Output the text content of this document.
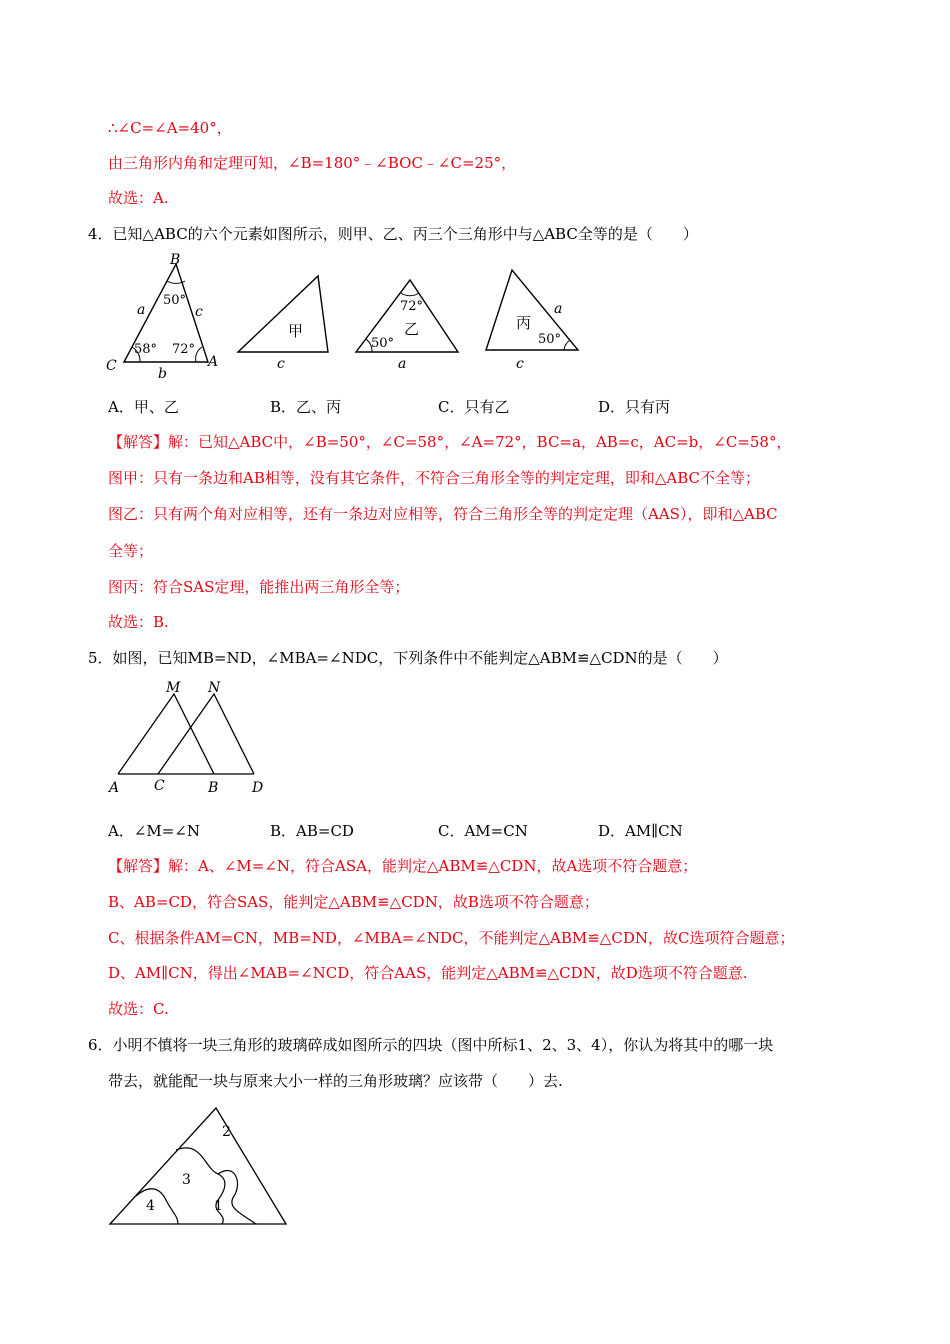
∴∠C=∠A=40°，
由三角形内角和定理可知，∠B=180°﹣∠BOC﹣∠C=25°，
故选：A.
4．已知△ABC的六个元素如图所示，则甲、乙、丙三个三角形中与△ABC全等的是（　　）
B
C	A
a	c
b
50°
58° 72°
甲
c
72°
50°
乙
a
丙
a
50°
c
A．甲、乙	B．乙、丙	C．只有乙	D．只有丙
【解答】解：已知△ABC中，∠B=50°，∠C=58°，∠A=72°，BC=a，AB=c，AC=b，∠C=58°，
图甲：只有一条边和AB相等，没有其它条件，不符合三角形全等的判定定理，即和△ABC不全等；
图乙：只有两个角对应相等，还有一条边对应相等，符合三角形全等的判定定理（AAS），即和△ABC
全等；
图丙：符合SAS定理，能推出两三角形全等；
故选：B.
5．如图，已知MB=ND，∠MBA=∠NDC，下列条件中不能判定△ABM≌△CDN的是（　　）
M N
A C	B D
A．∠M=∠N	B．AB=CD	C．AM=CN	D．AM∥CN
【解答】解：A、∠M=∠N，符合ASA，能判定△ABM≌△CDN，故A选项不符合题意；
B、AB=CD，符合SAS，能判定△ABM≌△CDN，故B选项不符合题意；
C、根据条件AM=CN，MB=ND，∠MBA=∠NDC，不能判定△ABM≌△CDN，故C选项符合题意；
D、AM∥CN，得出∠MAB=∠NCD，符合AAS，能判定△ABM≌△CDN，故D选项不符合题意.
故选：C.
6．小明不慎将一块三角形的玻璃碎成如图所示的四块（图中所标1、2、3、4），你认为将其中的哪一块
带去，就能配一块与原来大小一样的三角形玻璃？应该带（　　）去.
2
3
4	1
